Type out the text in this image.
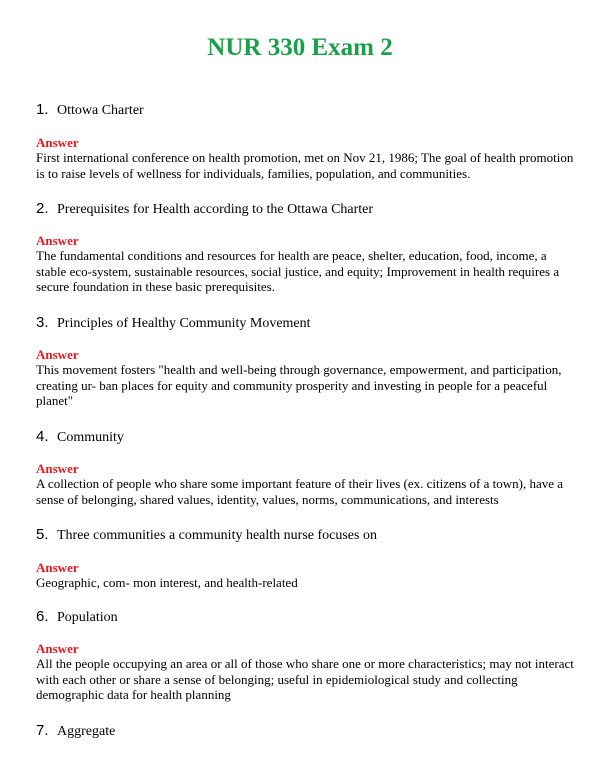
NUR 330 Exam 2
1. Ottowa Charter
Answer
First international conference on health promotion, met on Nov 21, 1986; The goal of health promotion is to raise levels of wellness for individuals, families, population, and communities.
2. Prerequisites for Health according to the Ottawa Charter
Answer
The fundamental conditions and resources for health are peace, shelter, education, food, income, a stable eco-system, sustainable resources, social justice, and equity; Improvement in health requires a secure foundation in these basic prerequisites.
3. Principles of Healthy Community Movement
Answer
This movement fosters "health and well-being through governance, empowerment, and participation, creating ur- ban places for equity and community prosperity and investing in people for a peaceful planet"
4. Community
Answer
A collection of people who share some important feature of their lives (ex. citizens of a town), have a sense of belonging, shared values, identity, values, norms, communications, and interests
5. Three communities a community health nurse focuses on
Answer
Geographic, com- mon interest, and health-related
6. Population
Answer
All the people occupying an area or all of those who share one or more characteristics; may not interact with each other or share a sense of belonging; useful in epidemiological study and collecting demographic data for health planning
7. Aggregate
